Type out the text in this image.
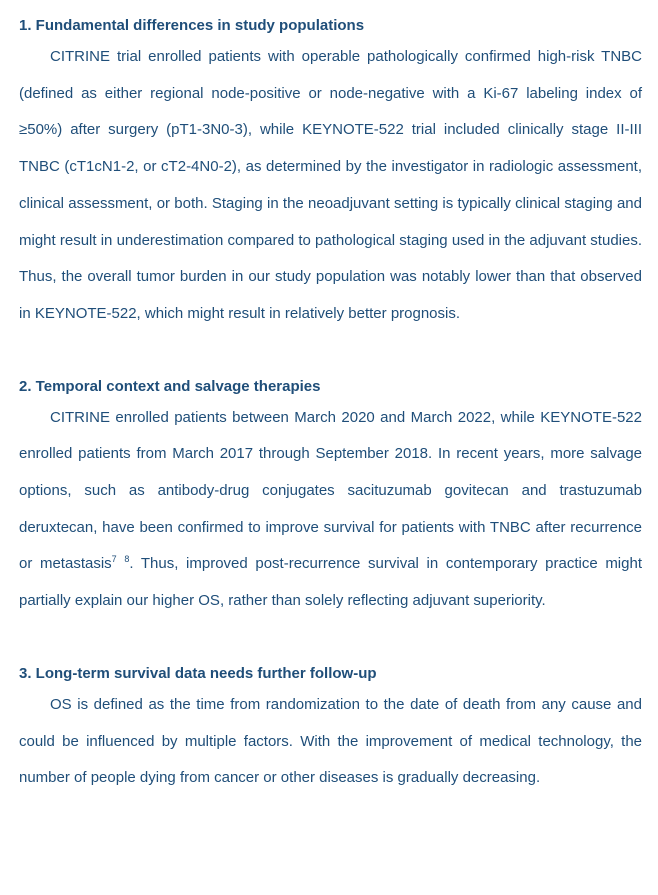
1. Fundamental differences in study populations

CITRINE trial enrolled patients with operable pathologically confirmed high-risk TNBC (defined as either regional node-positive or node-negative with a Ki-67 labeling index of ≥50%) after surgery (pT1-3N0-3), while KEYNOTE-522 trial included clinically stage II-III TNBC (cT1cN1-2, or cT2-4N0-2), as determined by the investigator in radiologic assessment, clinical assessment, or both. Staging in the neoadjuvant setting is typically clinical staging and might result in underestimation compared to pathological staging used in the adjuvant studies. Thus, the overall tumor burden in our study population was notably lower than that observed in KEYNOTE-522, which might result in relatively better prognosis.

2. Temporal context and salvage therapies

CITRINE enrolled patients between March 2020 and March 2022, while KEYNOTE-522 enrolled patients from March 2017 through September 2018. In recent years, more salvage options, such as antibody-drug conjugates sacituzumab govitecan and trastuzumab deruxtecan, have been confirmed to improve survival for patients with TNBC after recurrence or metastasis$^7$ $^8$. Thus, improved post-recurrence survival in contemporary practice might partially explain our higher OS, rather than solely reflecting adjuvant superiority.

3. Long-term survival data needs further follow-up

OS is defined as the time from randomization to the date of death from any cause and could be influenced by multiple factors. With the improvement of medical technology, the number of people dying from cancer or other diseases is gradually decreasing.
